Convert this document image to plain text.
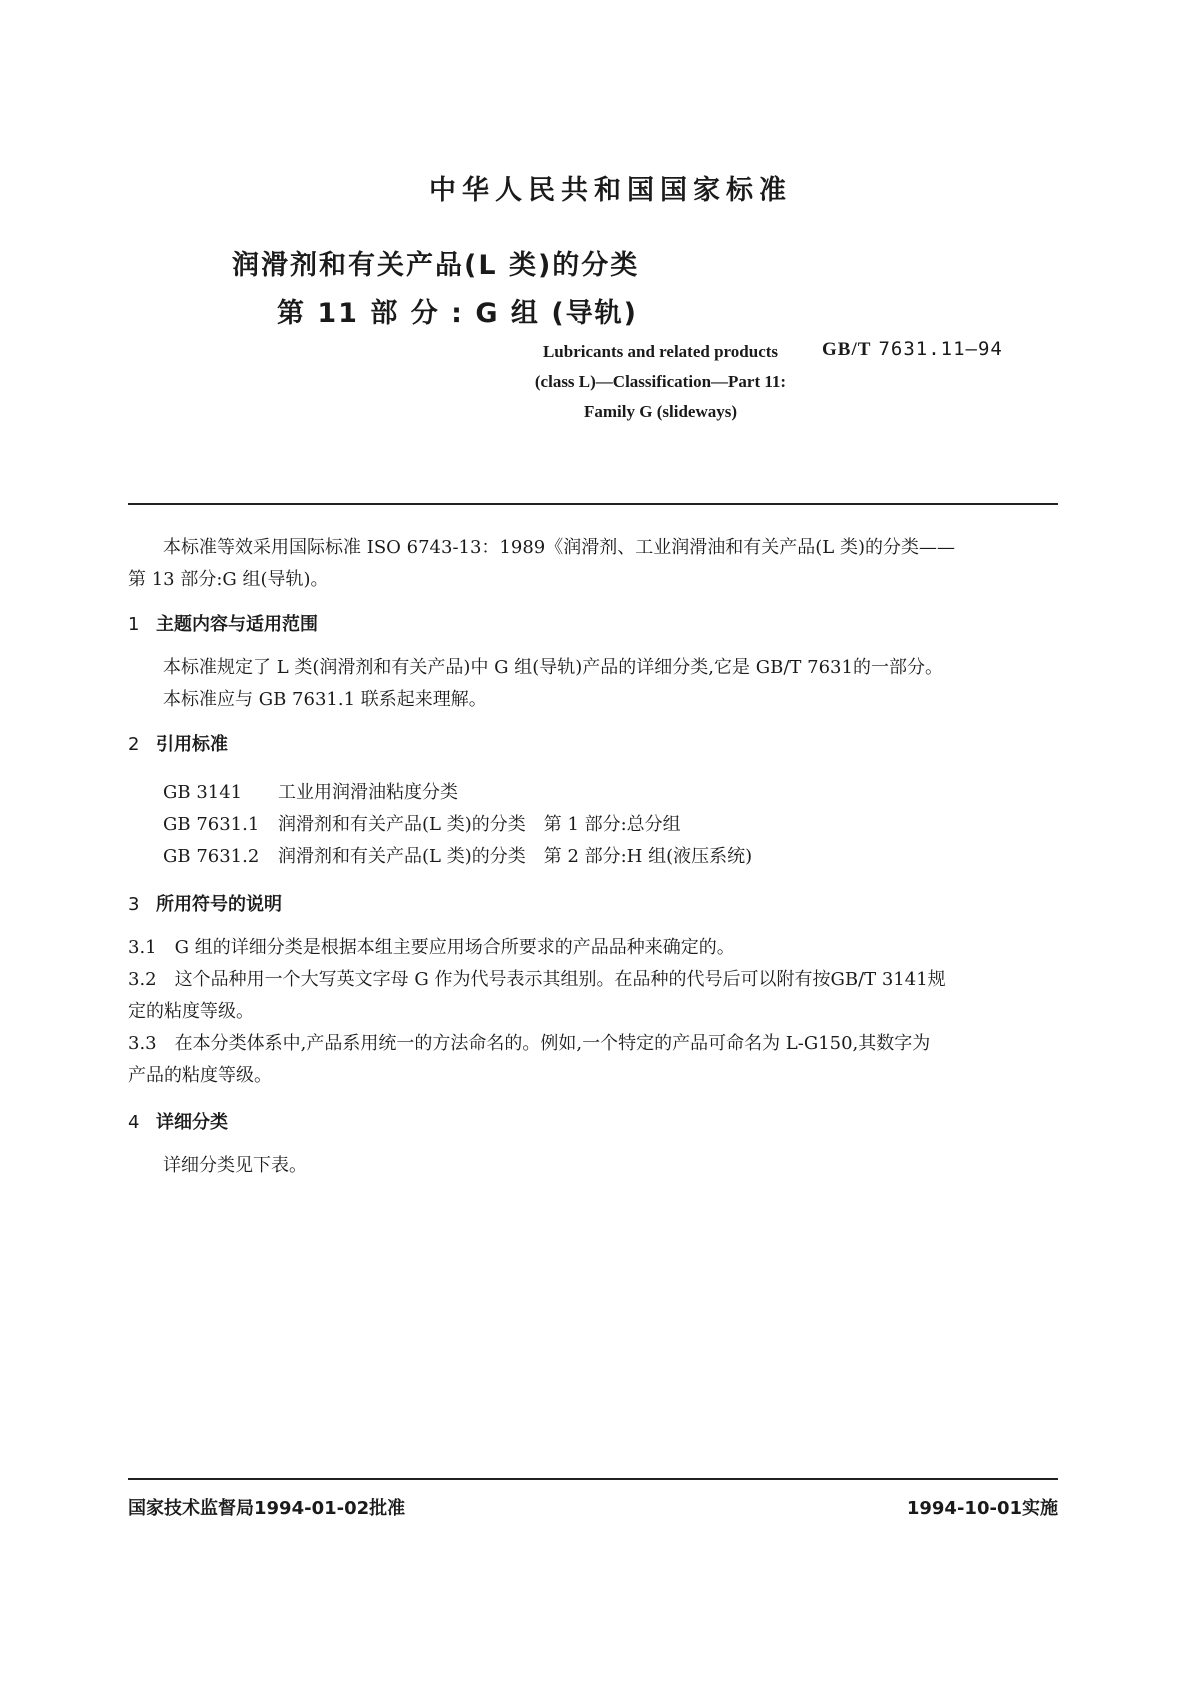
中华人民共和国国家标准
润滑剂和有关产品(L 类)的分类
第 11 部 分 : G 组 (导轨)
GB/T 7631.11—94
Lubricants and related products
(class L)—Classification—Part 11:
Family G (slideways)
本标准等效采用国际标准 ISO 6743-13：1989《润滑剂、工业润滑油和有关产品(L 类)的分类——
第 13 部分:G 组(导轨)。
1 主题内容与适用范围
本标准规定了 L 类(润滑剂和有关产品)中 G 组(导轨)产品的详细分类,它是 GB/T 7631的一部分。
本标准应与 GB 7631.1 联系起来理解。
2 引用标准
GB 3141 工业用润滑油粘度分类
GB 7631.1 润滑剂和有关产品(L 类)的分类　第 1 部分:总分组
GB 7631.2 润滑剂和有关产品(L 类)的分类　第 2 部分:H 组(液压系统)
3 所用符号的说明
3.1　G 组的详细分类是根据本组主要应用场合所要求的产品品种来确定的。
3.2　这个品种用一个大写英文字母 G 作为代号表示其组别。在品种的代号后可以附有按GB/T 3141规
定的粘度等级。
3.3　在本分类体系中,产品系用统一的方法命名的。例如,一个特定的产品可命名为 L-G150,其数字为
产品的粘度等级。
4 详细分类
详细分类见下表。
国家技术监督局1994-01-02批准	1994-10-01实施
